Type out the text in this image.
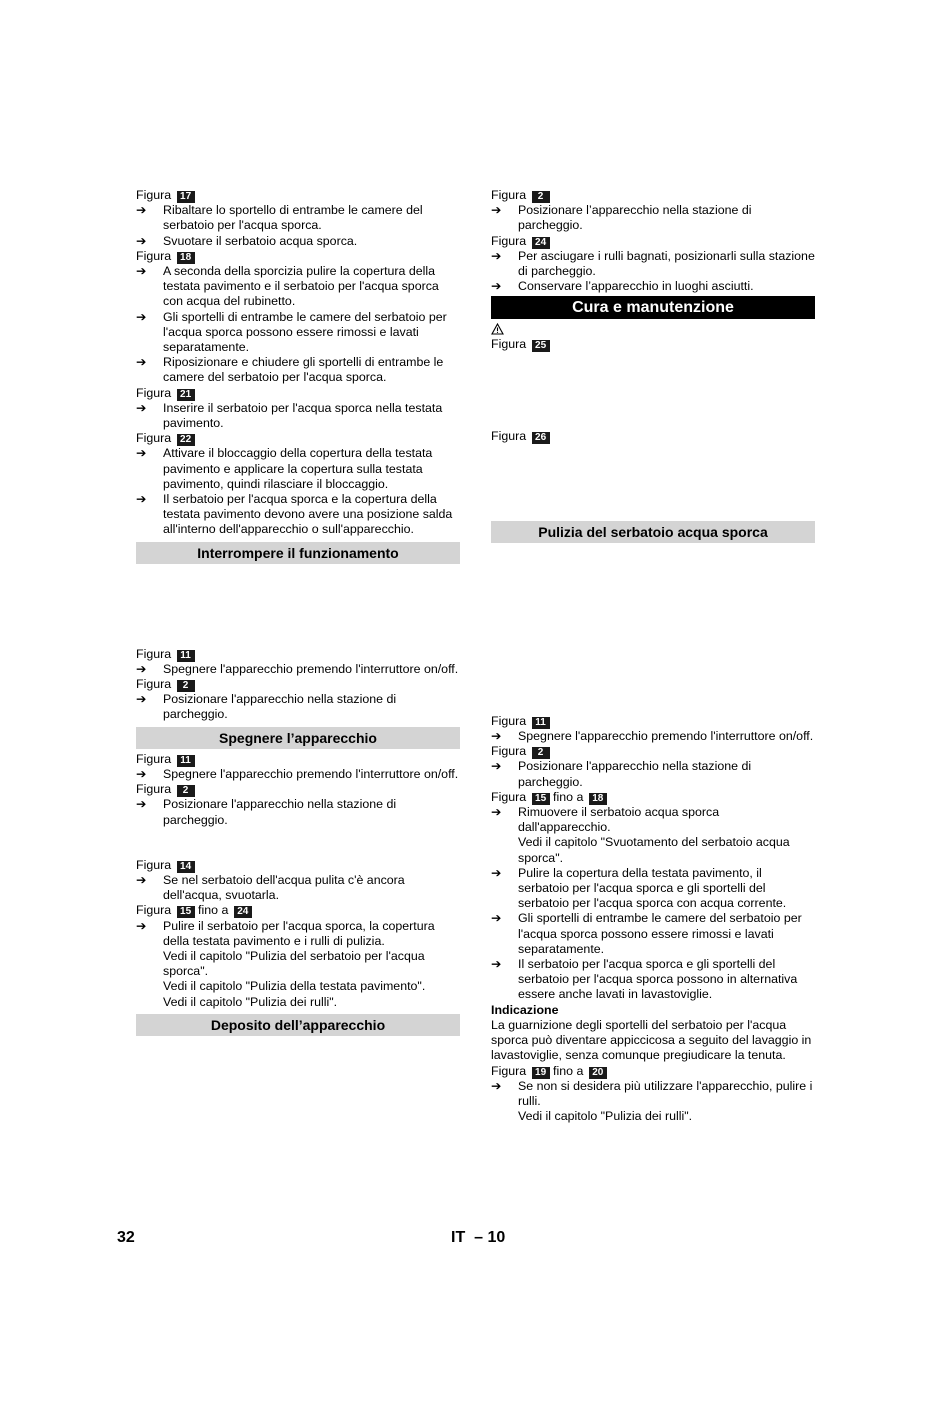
Figura 17
➔ Ribaltare lo sportello di entrambe le camere del serbatoio per l'acqua sporca.
➔ Svuotare il serbatoio acqua sporca.
Figura 18
➔ A seconda della sporcizia pulire la copertura della testata pavimento e il serbatoio per l'acqua sporca con acqua del rubinetto.
➔ Gli sportelli di entrambe le camere del serbatoio per l'acqua sporca possono essere rimossi e lavati separatamente.
➔ Riposizionare e chiudere gli sportelli di entrambe le camere del serbatoio per l'acqua sporca.
Figura 21
➔ Inserire il serbatoio per l'acqua sporca nella testata pavimento.
Figura 22
➔ Attivare il bloccaggio della copertura della testata pavimento e applicare la copertura sulla testata pavimento, quindi rilasciare il bloccaggio.
➔ Il serbatoio per l'acqua sporca e la copertura della testata pavimento devono avere una posizione salda all'interno dell'apparecchio o sull'apparecchio.
Interrompere il funzionamento
Figura 11
➔ Spegnere l'apparecchio premendo l'interruttore on/off.
Figura 2
➔ Posizionare l'apparecchio nella stazione di parcheggio.
Spegnere l’apparecchio
Figura 11
➔ Spegnere l'apparecchio premendo l'interruttore on/off.
Figura 2
➔ Posizionare l'apparecchio nella stazione di parcheggio.
Figura 14
➔ Se nel serbatoio dell'acqua pulita c'è ancora dell'acqua, svuotarla.
Figura 15 fino a 24
➔ Pulire il serbatoio per l'acqua sporca, la copertura della testata pavimento e i rulli di pulizia.
Vedi il capitolo "Pulizia del serbatoio per l'acqua sporca".
Vedi il capitolo "Pulizia della testata pavimento".
Vedi il capitolo "Pulizia dei rulli".
Deposito dell’apparecchio
Figura 2
➔ Posizionare l’apparecchio nella stazione di parcheggio.
Figura 24
➔ Per asciugare i rulli bagnati, posizionarli sulla stazione di parcheggio.
➔ Conservare l’apparecchio in luoghi asciutti.
Cura e manutenzione
Figura 25
Figura 26
Pulizia del serbatoio acqua sporca
Figura 11
➔ Spegnere l'apparecchio premendo l'interruttore on/off.
Figura 2
➔ Posizionare l'apparecchio nella stazione di parcheggio.
Figura 15 fino a 18
➔ Rimuovere il serbatoio acqua sporca dall'apparecchio.
Vedi il capitolo "Svuotamento del serbatoio acqua sporca".
➔ Pulire la copertura della testata pavimento, il serbatoio per l'acqua sporca e gli sportelli del serbatoio per l'acqua sporca con acqua corrente.
➔ Gli sportelli di entrambe le camere del serbatoio per l'acqua sporca possono essere rimossi e lavati separatamente.
➔ Il serbatoio per l'acqua sporca e gli sportelli del serbatoio per l'acqua sporca possono in alternativa essere anche lavati in lavastoviglie.
Indicazione
La guarnizione degli sportelli del serbatoio per l'acqua sporca può diventare appiccicosa a seguito del lavaggio in lavastoviglie, senza comunque pregiudicare la tenuta.
Figura 19 fino a 20
➔ Se non si desidera più utilizzare l'apparecchio, pulire i rulli.
Vedi il capitolo "Pulizia dei rulli".
32	IT  – 10
